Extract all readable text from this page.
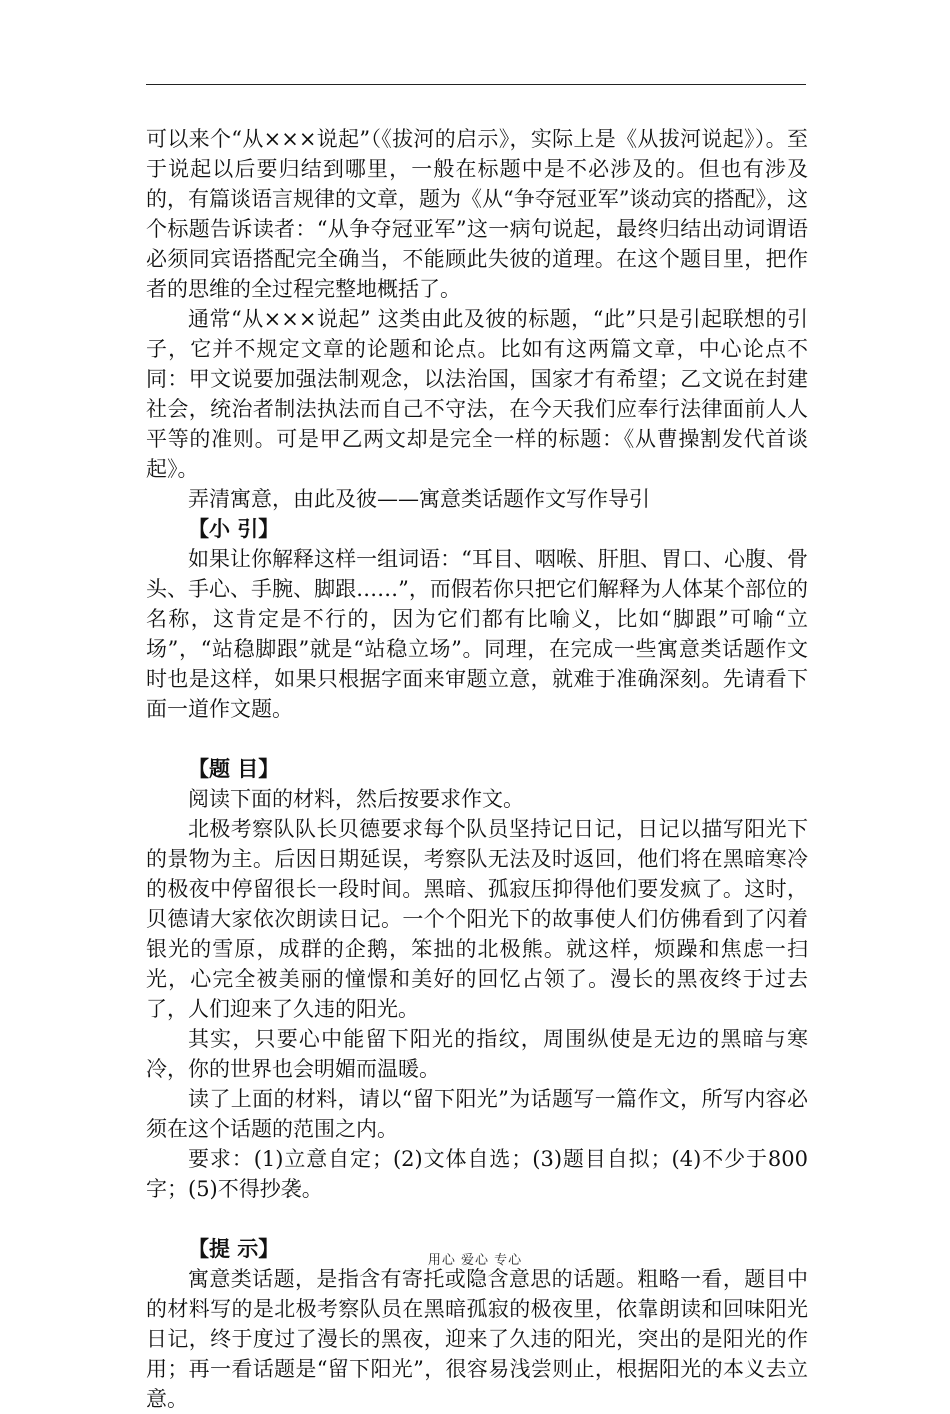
可以来个“从×××说起”（《拔河的启示》，实际上是《从拔河说起》）。至于说起以后要归结到哪里，一般在标题中是不必涉及的。但也有涉及的，有篇谈语言规律的文章，题为《从“争夺冠亚军”谈动宾的搭配》，这个标题告诉读者：“从争夺冠亚军”这一病句说起，最终归结出动词谓语必须同宾语搭配完全确当，不能顾此失彼的道理。在这个题目里，把作者的思维的全过程完整地概括了。

通常“从×××说起” 这类由此及彼的标题，“此”只是引起联想的引子，它并不规定文章的论题和论点。比如有这两篇文章，中心论点不同：甲文说要加强法制观念，以法治国，国家才有希望；乙文说在封建社会，统治者制法执法而自己不守法，在今天我们应奉行法律面前人人平等的准则。可是甲乙两文却是完全一样的标题：《从曹操割发代首谈起》。

弄清寓意，由此及彼——寓意类话题作文写作导引

【小 引】

如果让你解释这样一组词语：“耳目、咽喉、肝胆、胃口、心腹、骨头、手心、手腕、脚跟……”，而假若你只把它们解释为人体某个部位的名称，这肯定是不行的，因为它们都有比喻义，比如“脚跟”可喻“立场”，“站稳脚跟”就是“站稳立场”。同理，在完成一些寓意类话题作文时也是这样，如果只根据字面来审题立意，就难于准确深刻。先请看下面一道作文题。

【题 目】

阅读下面的材料，然后按要求作文。

北极考察队队长贝德要求每个队员坚持记日记，日记以描写阳光下的景物为主。后因日期延误，考察队无法及时返回，他们将在黑暗寒冷的极夜中停留很长一段时间。黑暗、孤寂压抑得他们要发疯了。这时，贝德请大家依次朗读日记。一个个阳光下的故事使人们仿佛看到了闪着银光的雪原，成群的企鹅，笨拙的北极熊。就这样，烦躁和焦虑一扫光，心完全被美丽的憧憬和美好的回忆占领了。漫长的黑夜终于过去了，人们迎来了久违的阳光。

其实，只要心中能留下阳光的指纹，周围纵使是无边的黑暗与寒冷，你的世界也会明媚而温暖。

读了上面的材料，请以“留下阳光”为话题写一篇作文，所写内容必须在这个话题的范围之内。

要求：(1)立意自定；(2)文体自选；(3)题目自拟；(4)不少于800字；(5)不得抄袭。

【提 示】

寓意类话题，是指含有寄托或隐含意思的话题。粗略一看，题目中的材料写的是北极考察队员在黑暗孤寂的极夜里，依靠朗读和回味阳光日记，终于度过了漫长的黑夜，迎来了久违的阳光，突出的是阳光的作用；再一看话题是“留下阳光”，很容易浅尝则止，根据阳光的本义去立意。

用心 爱心 专心
